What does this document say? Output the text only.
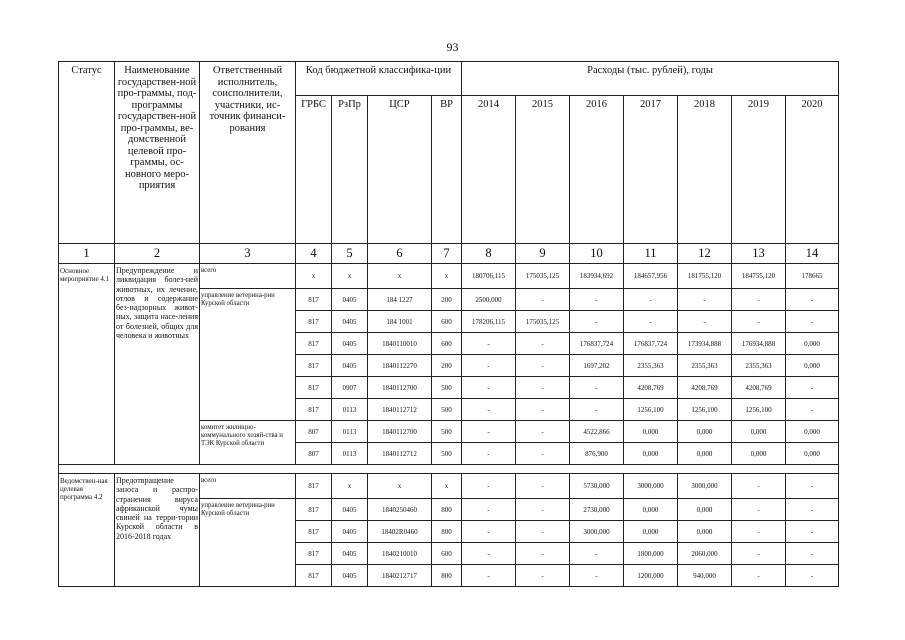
93
Статус	Наименование государствен-ной про-граммы, под-программы государствен-ной про-граммы, ве-домственной целевой про-граммы, ос-новного меро-приятия	Ответственный исполнитель, соисполнители, участники, ис-точник финанси-рования	Код бюджетной классифика-ции				Расходы (тыс. рублей), годы						
			ГРБС	РзПр	ЦСР	ВР	2014	2015	2016	2017	2018	2019	2020
1	2	3	4	5	6	7	8	9	10	11	12	13	14
Основное мероприятие 4.1	Предупреждение и ликвидация болез-ней животных, их лечение, отлов и содержание без-надзорных живот-ных, защита насе-ления от болезней, общих для человека и животных	всего	x	x	x	x	180706,115	175035,125	183934,692	184657,956	181755,120	184755,120	178665
		управление ветерина-рии Курской области	817	0405	184 1227	200	2500,000	-	-	-	-	-	-
			817	0405	184 1001	600	178206,115	175035,125	-	-	-	-	-
			817	0405	1840110010	600	-	-	176837,724	176837,724	173934,888	176934,888	0,000
			817	0405	1840112270	200	-	-	1697,202	2355,363	2355,363	2355,363	0,000
			817	0907	1840112700	500	-	-	-	4208,769	4208,769	4208,769	-
			817	0113	1840112712	500	-	-	-	1256,100	1256,100	1256,100	-
		комитет жилищно-коммунального хозяй-ства и ТЭК Курской области	807	0113	1840112700	500	-	-	4522,866	0,000	0,000	0,000	0,000
			807	0113	1840112712	500	-	-	876,900	0,000	0,000	0,000	0,000

Ведомствен-ная целевая программа 4.2	Предотвращение заноса и распро-странения вируса африканской чумы свиней на терри-тории Курской области в 2016-2018 годах	всего	817	x	x	x	-	-	5730,000	3000,000	3000,000	-	-
		управление ветерина-рии Курской области	817	0405	1840250460	800	-	-	2730,000	0,000	0,000	-	-
			817	0405	18402R0460	800	-	-	3000,000	0,000	0,000	-	-
			817	0405	1840210010	600	-	-	-	1800,000	2060,000	-	-
			817	0405	1840212717	800	-	-	-	1200,000	940,000	-	-
